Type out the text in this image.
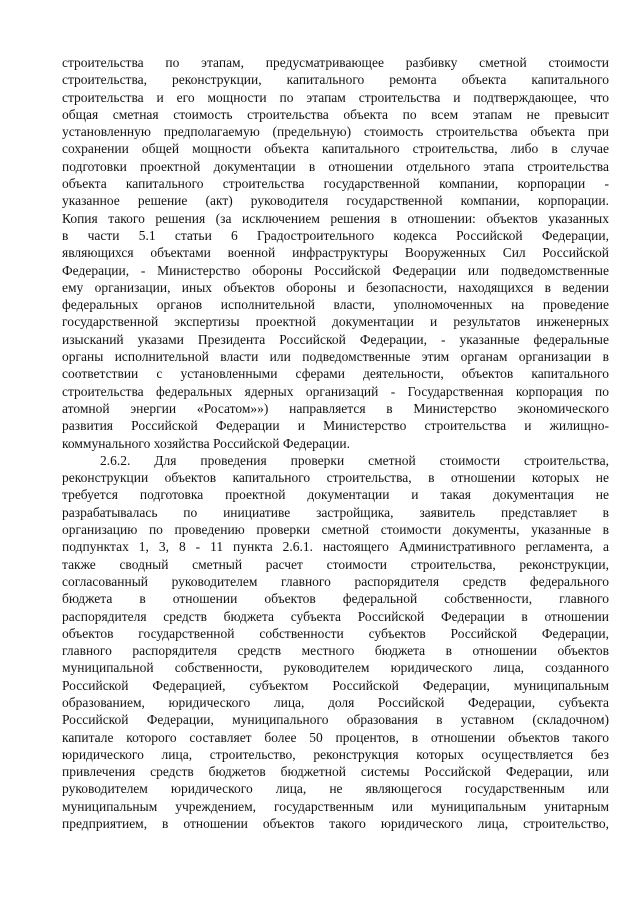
строительства по этапам, предусматривающее разбивку сметной стоимости
строительства, реконструкции, капитального ремонта объекта капитального
строительства и его мощности по этапам строительства и подтверждающее, что
общая сметная стоимость строительства объекта по всем этапам не превысит
установленную предполагаемую (предельную) стоимость строительства объекта при
сохранении общей мощности объекта капитального строительства, либо в случае
подготовки проектной документации в отношении отдельного этапа строительства
объекта капитального строительства государственной компании, корпорации -
указанное решение (акт) руководителя государственной компании, корпорации.
Копия такого решения (за исключением решения в отношении: объектов указанных
в части 5.1 статьи 6 Градостроительного кодекса Российской Федерации,
являющихся объектами военной инфраструктуры Вооруженных Сил Российской
Федерации, - Министерство обороны Российской Федерации или подведомственные
ему организации, иных объектов обороны и безопасности, находящихся в ведении
федеральных органов исполнительной власти, уполномоченных на проведение
государственной экспертизы проектной документации и результатов инженерных
изысканий указами Президента Российской Федерации, - указанные федеральные
органы исполнительной власти или подведомственные этим органам организации в
соответствии с установленными сферами деятельности, объектов капитального
строительства федеральных ядерных организаций - Государственная корпорация по
атомной энергии «Росатом»») направляется в Министерство экономического
развития Российской Федерации и Министерство строительства и жилищно-
коммунального хозяйства Российской Федерации.
2.6.2. Для проведения проверки сметной стоимости строительства,
реконструкции объектов капитального строительства, в отношении которых не
требуется подготовка проектной документации и такая документация не
разрабатывалась по инициативе застройщика, заявитель представляет в
организацию по проведению проверки сметной стоимости документы, указанные в
подпунктах 1, 3, 8 - 11 пункта 2.6.1. настоящего Административного регламента, а
также сводный сметный расчет стоимости строительства, реконструкции,
согласованный руководителем главного распорядителя средств федерального
бюджета в отношении объектов федеральной собственности, главного
распорядителя средств бюджета субъекта Российской Федерации в отношении
объектов государственной собственности субъектов Российской Федерации,
главного распорядителя средств местного бюджета в отношении объектов
муниципальной собственности, руководителем юридического лица, созданного
Российской Федерацией, субъектом Российской Федерации, муниципальным
образованием, юридического лица, доля Российской Федерации, субъекта
Российской Федерации, муниципального образования в уставном (складочном)
капитале которого составляет более 50 процентов, в отношении объектов такого
юридического лица, строительство, реконструкция которых осуществляется без
привлечения средств бюджетов бюджетной системы Российской Федерации, или
руководителем юридического лица, не являющегося государственным или
муниципальным учреждением, государственным или муниципальным унитарным
предприятием, в отношении объектов такого юридического лица, строительство,
